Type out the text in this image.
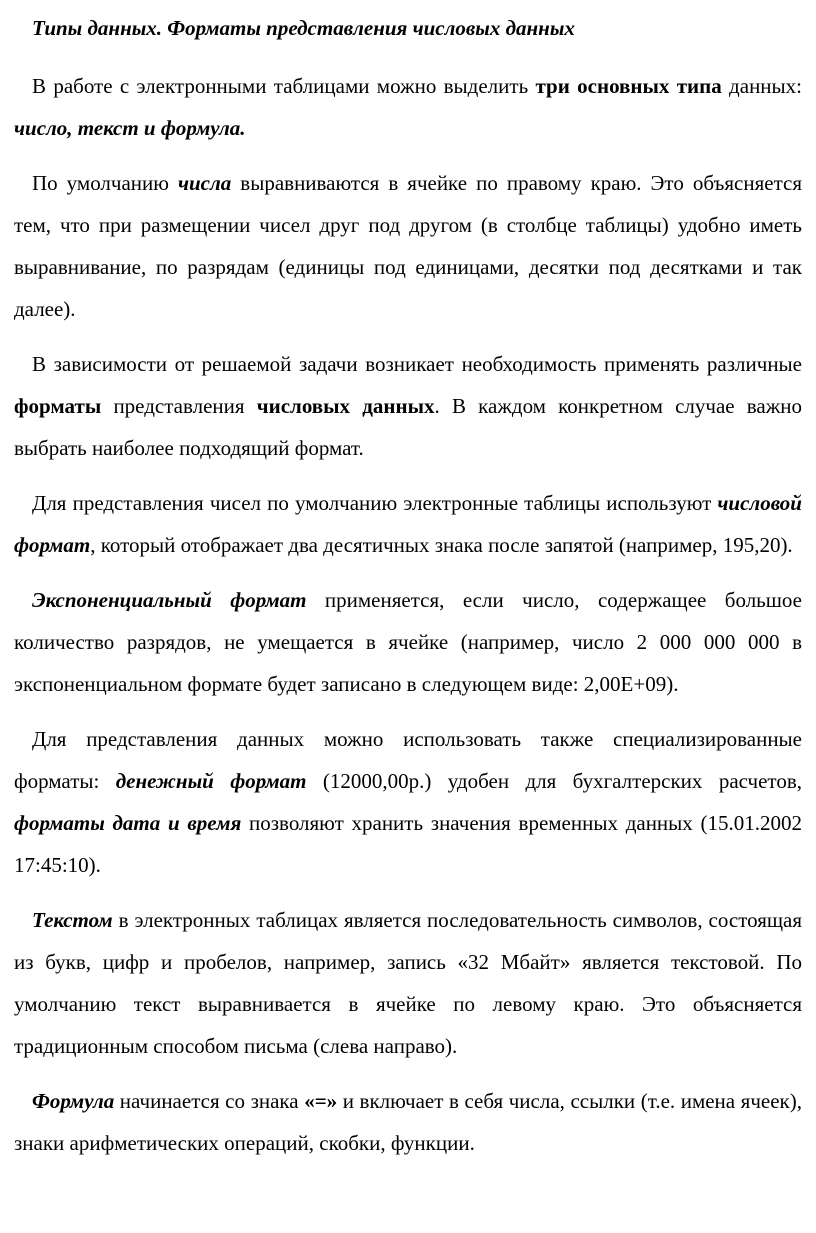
Типы данных. Форматы представления числовых данных

В работе с электронными таблицами можно выделить три основных типа данных: число, текст и формула.

По умолчанию числа выравниваются в ячейке по правому краю. Это объясняется тем, что при размещении чисел друг под другом (в столбце таблицы) удобно иметь выравнивание, по разрядам (единицы под единицами, десятки под десятками и так далее).

В зависимости от решаемой задачи возникает необходимость применять различные форматы представления числовых данных. В каждом конкретном случае важно выбрать наиболее подходящий формат.

Для представления чисел по умолчанию электронные таблицы используют числовой формат, который отображает два десятичных знака после запятой (например, 195,20).

Экспоненциальный формат применяется, если число, содержащее большое количество разрядов, не умещается в ячейке (например, число 2 000 000 000 в экспоненциальном формате будет записано в следующем виде: 2,00E+09).

Для представления данных можно использовать также специализированные форматы: денежный формат (12000,00р.) удобен для бухгалтерских расчетов, форматы дата и время позволяют хранить значения временных данных (15.01.2002 17:45:10).

Текстом в электронных таблицах является последовательность символов, состоящая из букв, цифр и пробелов, например, запись «32 Мбайт» является текстовой. По умолчанию текст выравнивается в ячейке по левому краю. Это объясняется традиционным способом письма (слева направо).

Формула начинается со знака «=» и включает в себя числа, ссылки (т.е. имена ячеек), знаки арифметических операций, скобки, функции.
